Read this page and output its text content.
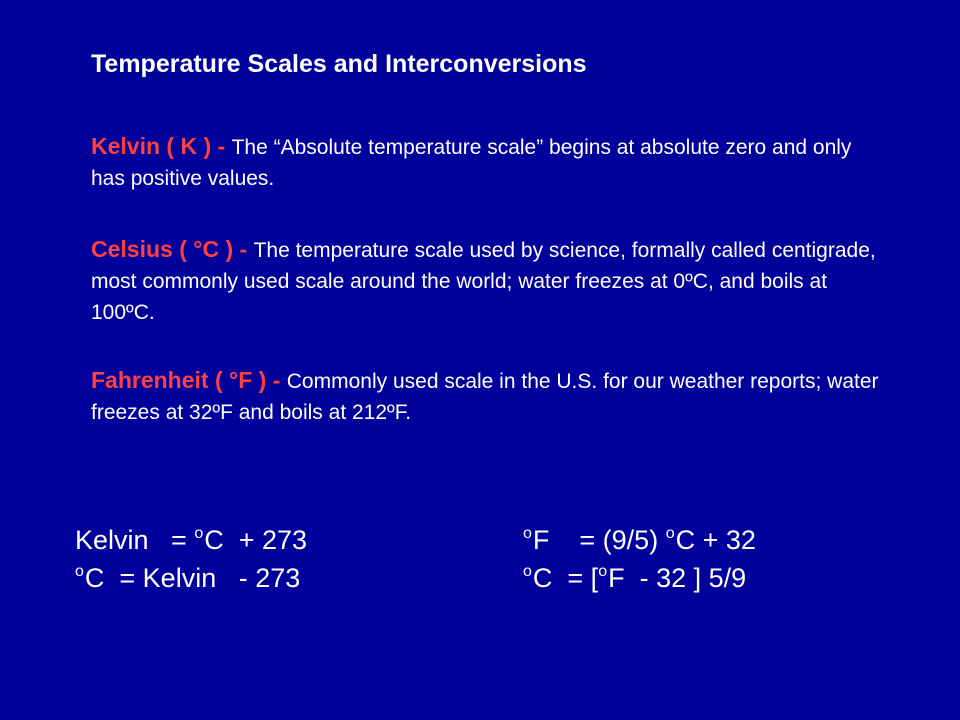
Temperature Scales and Interconversions
Kelvin ( K ) - The “Absolute temperature scale” begins at absolute zero and only has positive values.
Celsius ( °C ) - The temperature scale used by science, formally called centigrade, most commonly used scale around the world; water freezes at 0ºC, and boils at 100ºC.
Fahrenheit ( °F ) - Commonly used scale in the U.S. for our weather reports; water freezes at 32ºF and boils at 212ºF.
Kelvin   = $^o$C  + 273
$^o$C  = Kelvin   - 273
$^o$F    = (9/5) $^o$C + 32
$^o$C  = [$^o$F  - 32 ] 5/9
